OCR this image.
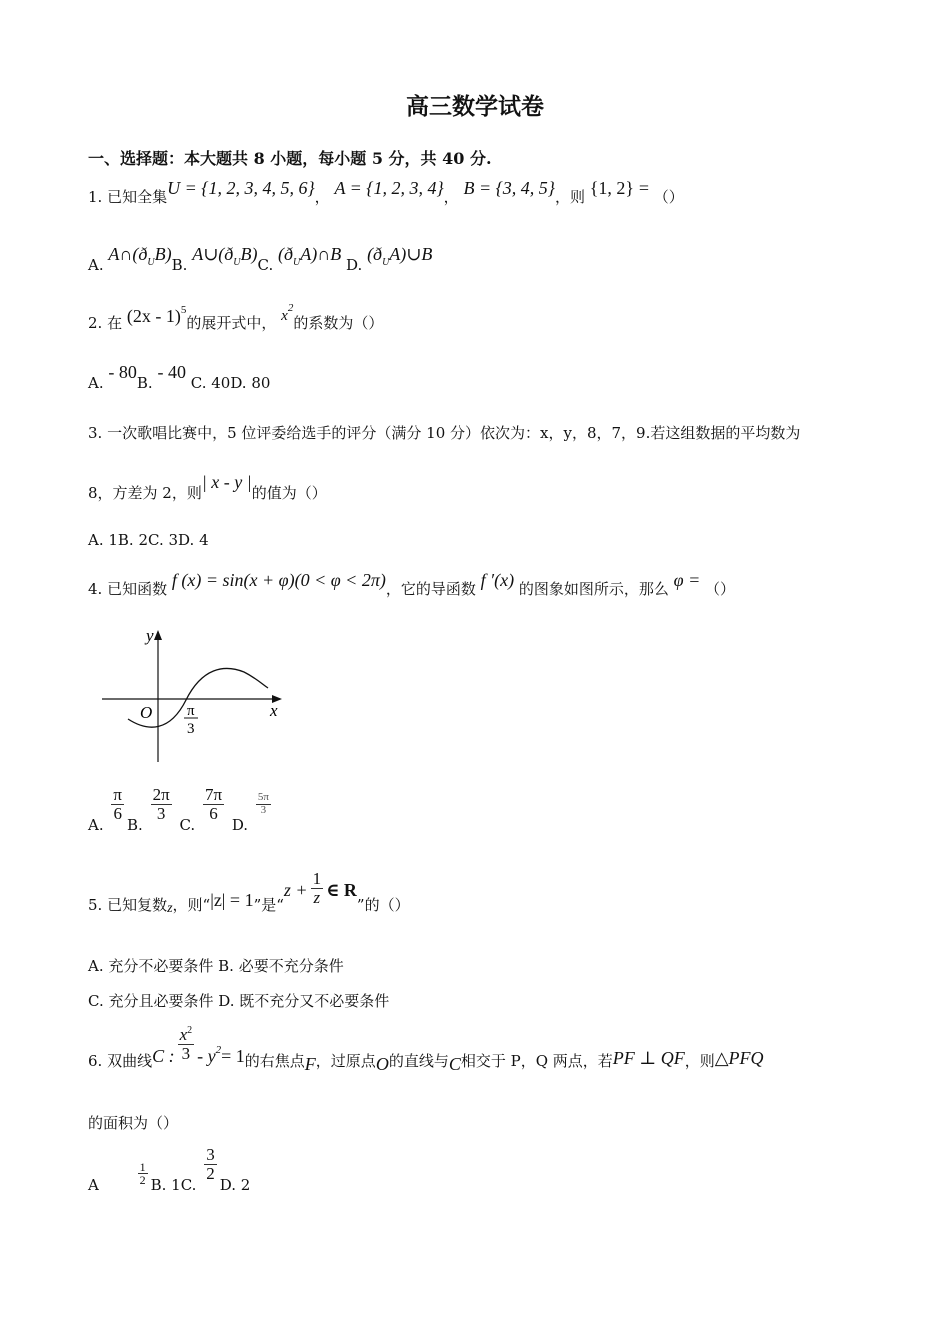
高三数学试卷
一、选择题：本大题共 8 小题，每小题 5 分，共 40 分.
1. 已知全集U = {1, 2, 3, 4, 5, 6}， A = {1, 2, 3, 4}， B = {3, 4, 5}，则 {1, 2} = （）
A. $A\cap(ð_UB)B$. $A\cup(ð_UB)C$. $(ð_UA)\cap B$ D. $(ð_UA)\cup B$
2. 在 (2x - 1)$^5$的展开式中， $x^2$的系数为（）
A. - 80B. - 40 C. 40D. 80
3. 一次歌唱比赛中，5 位评委给选手的评分（满分 10 分）依次为：x，y，8，7，9.若这组数据的平均数为
8，方差为 2，则| x - y |的值为（）
A. 1B. 2C. 3D. 4
4. 已知函数 f (x) = sin(x + φ)(0 < φ < 2π)，它的导函数 f ′(x) 的图象如图所示，那么 φ = （）
y
x
O π
3
A.
$\frac{\pi}{6}$
B.
$\frac{2\pi}{3}$
C.
$\frac{7\pi}{6}$
D.
$\frac{5\pi}{3}$
5. 已知复数z，则“|z| = 1”是“$z + \frac{1}{z}$ ∈ R”的（）
A. 充分不必要条件 B. 必要不充分条件
C. 充分且必要条件 D. 既不充分又不必要条件
6. 双曲线C : $\frac{x^2}{3} - y^2= 1$的右焦点F，过原点O的直线与C相交于 P，Q 两点，若PF ⊥ QF，则△PFQ
的面积为（）
A	$\frac{1}{2} B$. 1C.
$\frac{3}{2}$
D. 2
